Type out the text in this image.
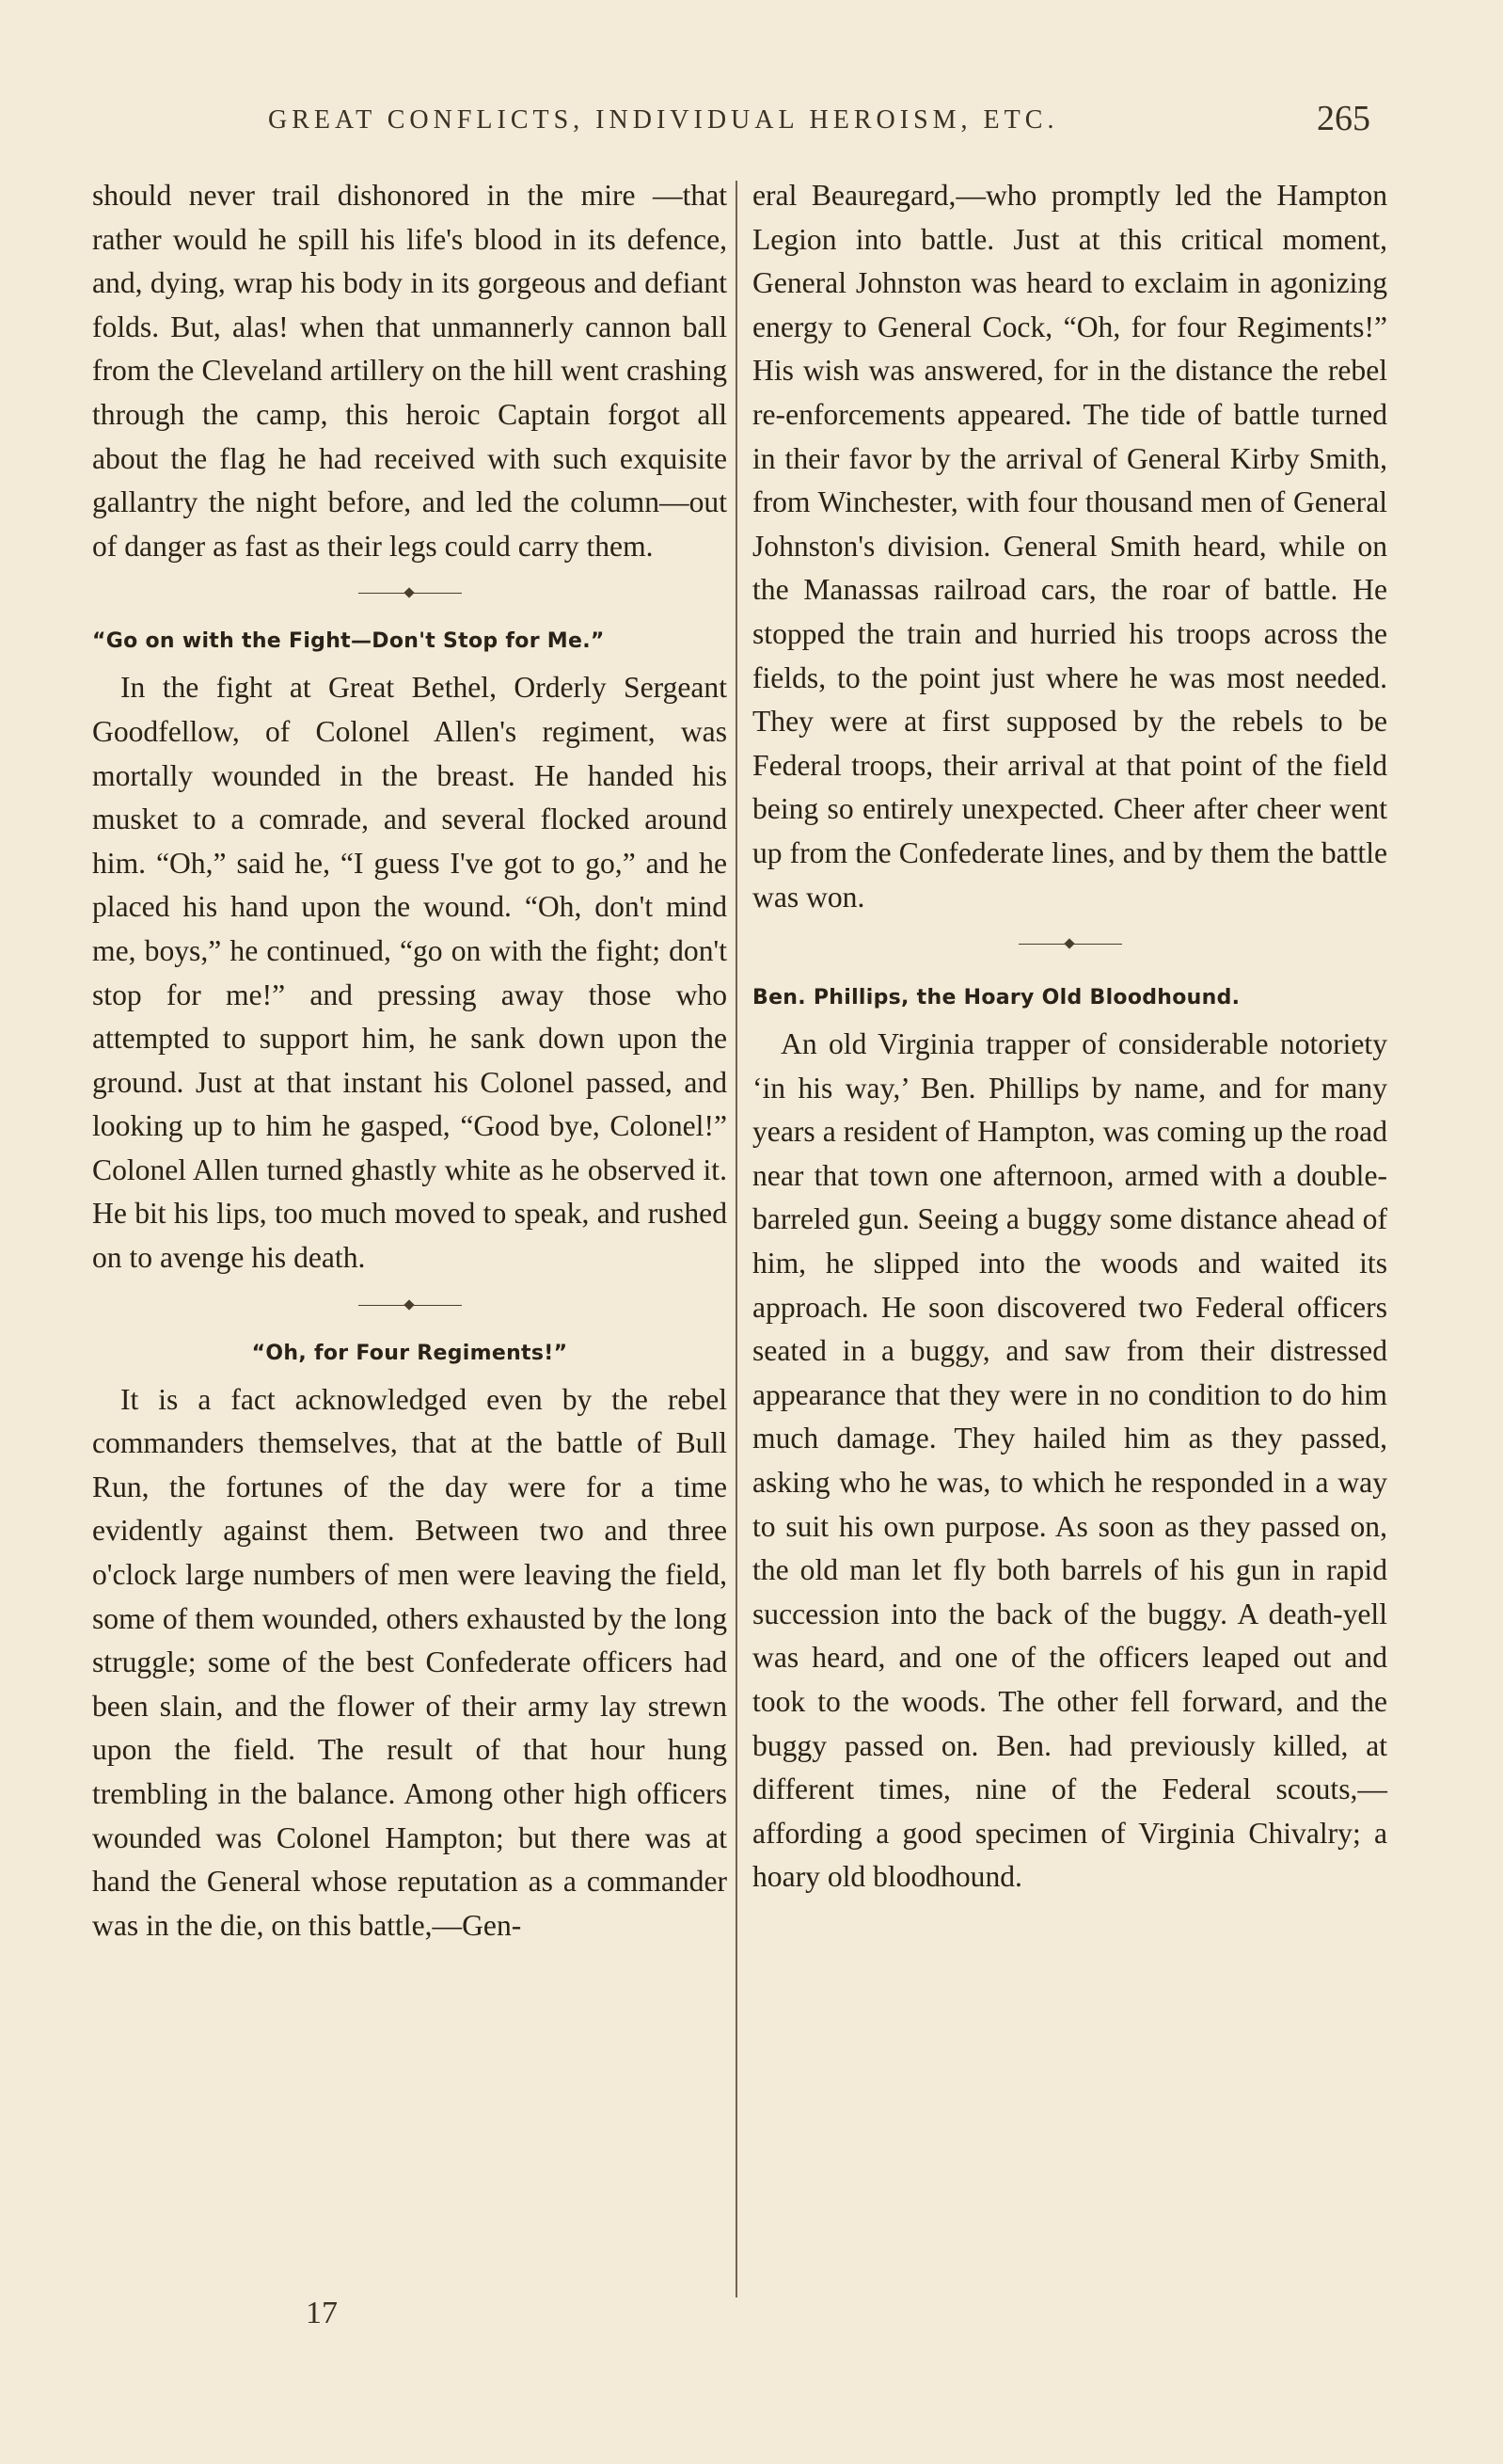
GREAT CONFLICTS, INDIVIDUAL HEROISM, ETC.	265

should never trail dishonored in the mire —that rather would he spill his life's blood in its defence, and, dying, wrap his body in its gorgeous and defiant folds. But, alas! when that unmannerly cannon ball from the Cleveland artillery on the hill went crashing through the camp, this heroic Captain forgot all about the flag he had received with such exquisite gallantry the night before, and led the column—out of danger as fast as their legs could carry them.

“Go on with the Fight—Don't Stop for Me.”

In the fight at Great Bethel, Orderly Sergeant Goodfellow, of Colonel Allen's regiment, was mortally wounded in the breast. He handed his musket to a comrade, and several flocked around him. “Oh,” said he, “I guess I've got to go,” and he placed his hand upon the wound. “Oh, don't mind me, boys,” he continued, “go on with the fight; don't stop for me!” and pressing away those who attempted to support him, he sank down upon the ground. Just at that instant his Colonel passed, and looking up to him he gasped, “Good bye, Colonel!” Colonel Allen turned ghastly white as he observed it. He bit his lips, too much moved to speak, and rushed on to avenge his death.

“Oh, for Four Regiments!”

It is a fact acknowledged even by the rebel commanders themselves, that at the battle of Bull Run, the fortunes of the day were for a time evidently against them. Between two and three o'clock large numbers of men were leaving the field, some of them wounded, others exhausted by the long struggle; some of the best Confederate officers had been slain, and the flower of their army lay strewn upon the field. The result of that hour hung trembling in the balance. Among other high officers wounded was Colonel Hampton; but there was at hand the General whose reputation as a commander was in the die, on this battle,—Gen-

eral Beauregard,—who promptly led the Hampton Legion into battle. Just at this critical moment, General Johnston was heard to exclaim in agonizing energy to General Cock, “Oh, for four Regiments!” His wish was answered, for in the distance the rebel re-enforcements appeared. The tide of battle turned in their favor by the arrival of General Kirby Smith, from Winchester, with four thousand men of General Johnston's division. General Smith heard, while on the Manassas railroad cars, the roar of battle. He stopped the train and hurried his troops across the fields, to the point just where he was most needed. They were at first supposed by the rebels to be Federal troops, their arrival at that point of the field being so entirely unexpected. Cheer after cheer went up from the Confederate lines, and by them the battle was won.

Ben. Phillips, the Hoary Old Bloodhound.

An old Virginia trapper of considerable notoriety ‘in his way,’ Ben. Phillips by name, and for many years a resident of Hampton, was coming up the road near that town one afternoon, armed with a double-barreled gun. Seeing a buggy some distance ahead of him, he slipped into the woods and waited its approach. He soon discovered two Federal officers seated in a buggy, and saw from their distressed appearance that they were in no condition to do him much damage. They hailed him as they passed, asking who he was, to which he responded in a way to suit his own purpose. As soon as they passed on, the old man let fly both barrels of his gun in rapid succession into the back of the buggy. A death-yell was heard, and one of the officers leaped out and took to the woods. The other fell forward, and the buggy passed on. Ben. had previously killed, at different times, nine of the Federal scouts,—affording a good specimen of Virginia Chivalry; a hoary old bloodhound.

17
